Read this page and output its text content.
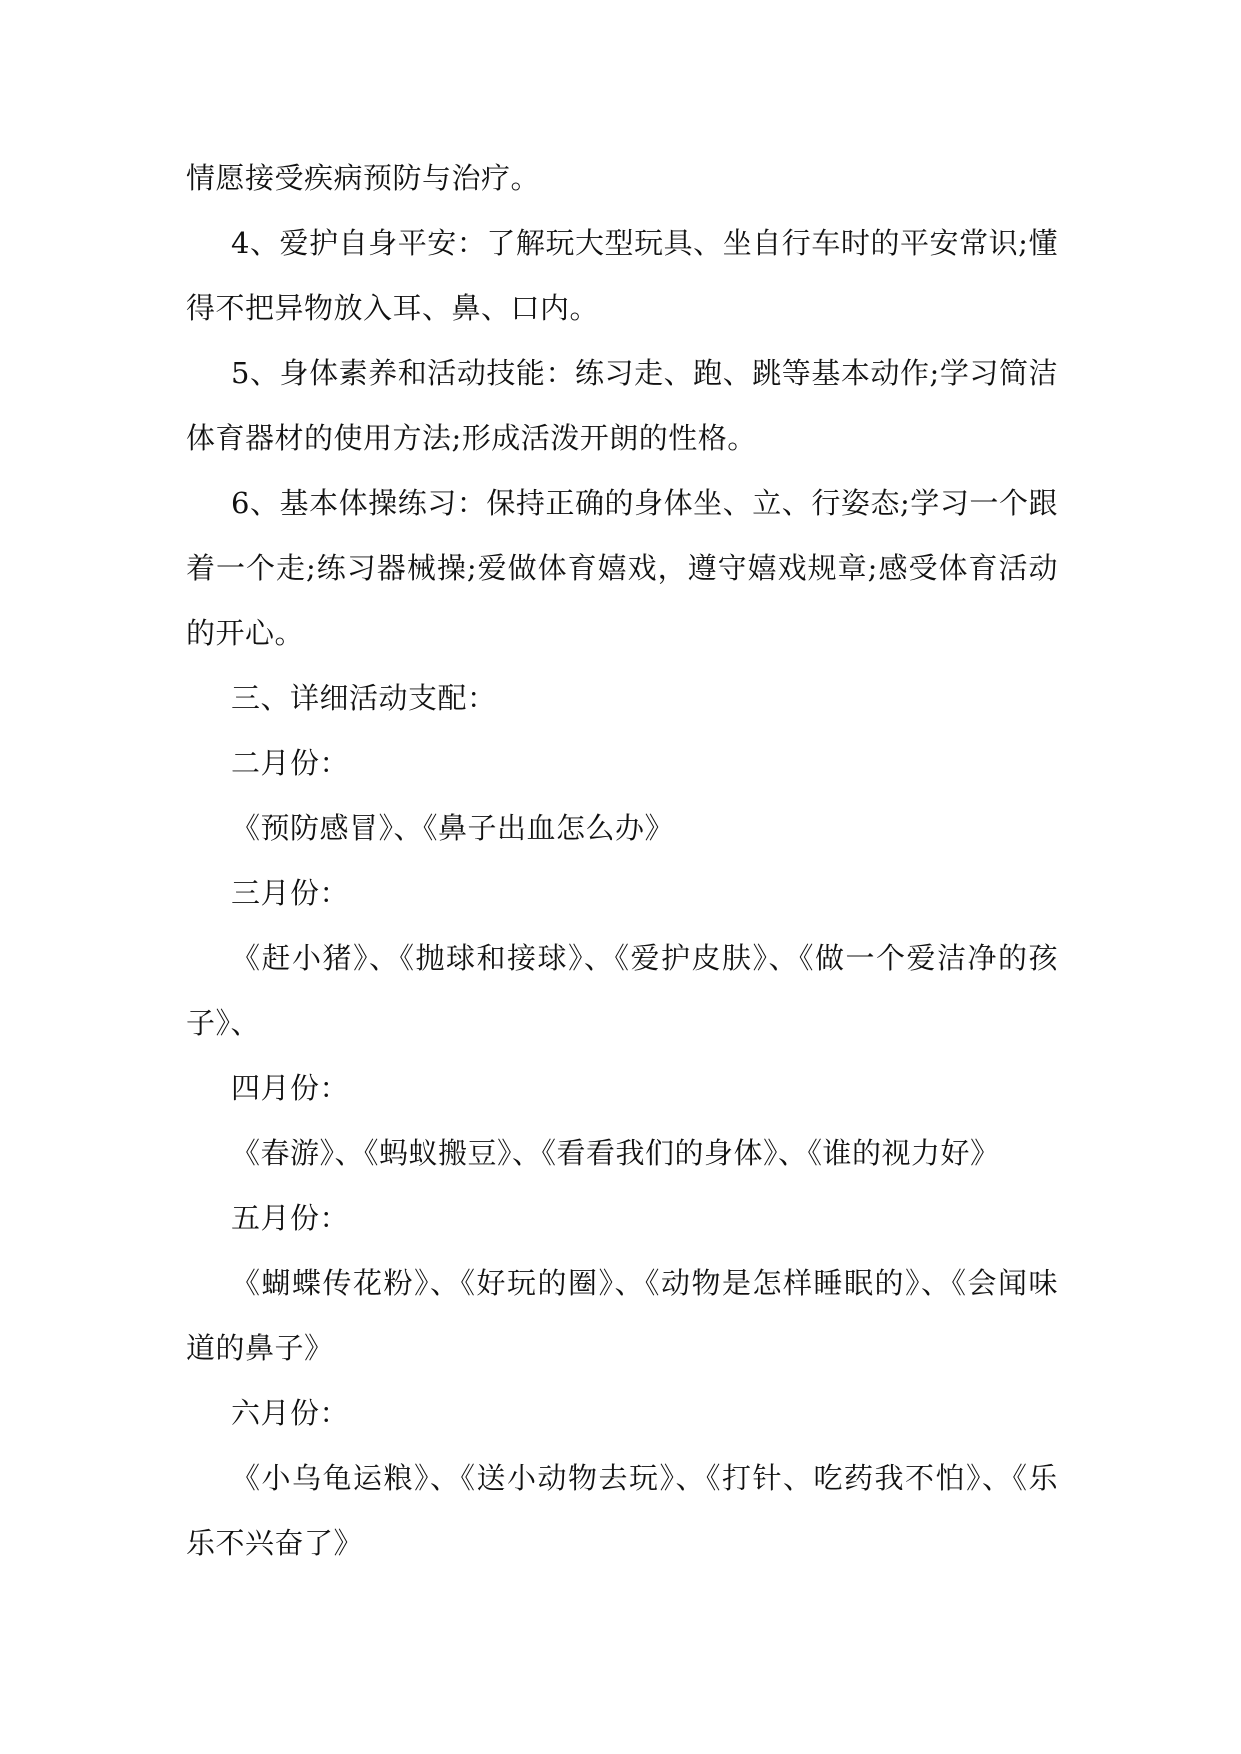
情愿接受疾病预防与治疗。

4、爱护自身平安：了解玩大型玩具、坐自行车时的平安常识;懂得不把异物放入耳、鼻、口内。

5、身体素养和活动技能：练习走、跑、跳等基本动作;学习简洁体育器材的使用方法;形成活泼开朗的性格。

6、基本体操练习：保持正确的身体坐、立、行姿态;学习一个跟着一个走;练习器械操;爱做体育嬉戏，遵守嬉戏规章;感受体育活动的开心。

三、详细活动支配：

二月份：

《预防感冒》、《鼻子出血怎么办》

三月份：

《赶小猪》、《抛球和接球》、《爱护皮肤》、《做一个爱洁净的孩子》、

四月份：

《春游》、《蚂蚁搬豆》、《看看我们的身体》、《谁的视力好》

五月份：

《蝴蝶传花粉》、《好玩的圈》、《动物是怎样睡眠的》、《会闻味道的鼻子》

六月份：

《小乌龟运粮》、《送小动物去玩》、《打针、吃药我不怕》、《乐乐不兴奋了》
